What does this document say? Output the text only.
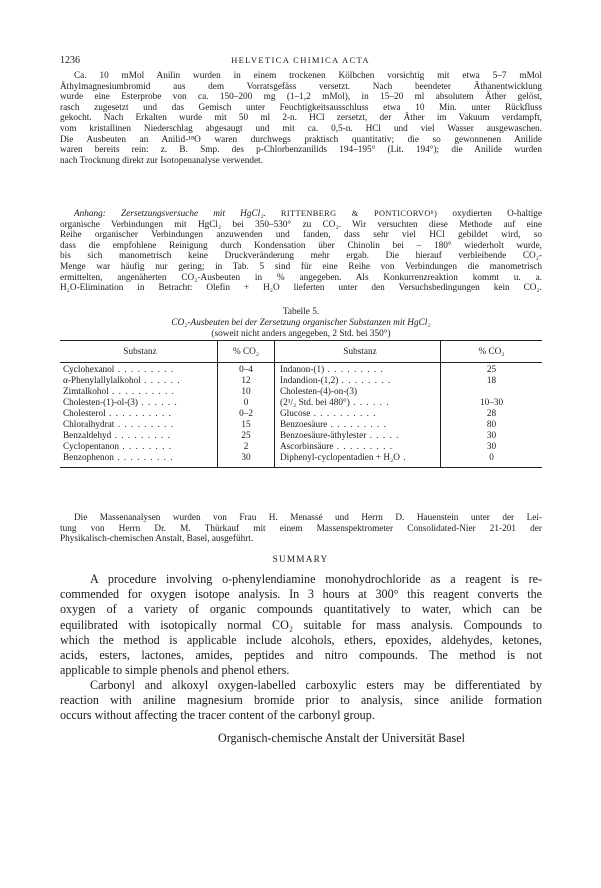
1236	HELVETICA CHIMICA ACTA

Ca. 10 mMol Anilin wurden in einem trockenen Kölbchen vorsichtig mit etwa 5–7 mMol
Äthylmagnesiumbromid aus dem Vorratsgefäss versetzt. Nach beendeter Äthanentwicklung
wurde eine Esterprobe von ca. 150–200 mg (1–1,2 mMol), in 15–20 ml absolutem Äther gelöst,
rasch zugesetzt und das Gemisch unter Feuchtigkeitsausschluss etwa 10 Min. unter Rückfluss
gekocht. Nach Erkalten wurde mit 50 ml 2-n. HCl zersetzt, der Äther im Vakuum verdampft,
vom kristallinen Niederschlag abgesaugt und mit ca. 0,5-n. HCl und viel Wasser ausgewaschen.
Die Ausbeuten an Anilid-¹⁸O waren durchwegs praktisch quantitativ; die so gewonnenen Anilide
waren bereits rein: z. B. Smp. des p-Chlorbenzanilids 194–195° (Lit. 194°); die Anilide wurden
nach Trocknung direkt zur Isotopenanalyse verwendet.

Anhang: Zersetzungsversuche mit HgCl₂. RITTENBERG & PONTICORVO⁸) oxydierten O-haltige
organische Verbindungen mit HgCl₂ bei 350–530° zu CO₂. Wir versuchten diese Methode auf eine
Reihe organischer Verbindungen anzuwenden und fanden, dass sehr viel HCl gebildet wird, so
dass die empfohlene Reinigung durch Kondensation über Chinolin bei – 180° wiederholt wurde,
bis sich manometrisch keine Druckveränderung mehr ergab. Die hierauf verbleibende CO₂-
Menge war häufig nur gering; in Tab. 5 sind für eine Reihe von Verbindungen die manometrisch
ermittelten, angenäherten CO₂-Ausbeuten in % angegeben. Als Konkurrenzreaktion kommt u. a.
H₂O-Elimination in Betracht: Olefin + H₂O lieferten unter den Versuchsbedingungen kein CO₂.

Tabelle 5.
CO₂-Ausbeuten bei der Zersetzung organischer Substanzen mit HgCl₂
(soweit nicht anders angegeben, 2 Std. bei 350°)

Substanz	% CO₂	Substanz	% CO₂
Cyclohexanol . . . . . . . . .	0–4	Indanon-(1) . . . . . . . . .	25
α-Phenylallylalkohol . . . . . .	12	Indandion-(1,2) . . . . . . . .	18
Zimtalkohol . . . . . . . . . .	10	Cholesten-(4)-on-(3)	
Cholesten-(1)-ol-(3) . . . . . .	0	(2¹/₂ Std. bei 480°) . . . . . .	10–30
Cholesterol . . . . . . . . . .	0–2	Glucose . . . . . . . . . .	28
Chloralhydrat . . . . . . . . .	15	Benzoesäure . . . . . . . . .	80
Benzaldehyd . . . . . . . . .	25	Benzoesäure-äthylester . . . . .	30
Cyclopentanon . . . . . . . .	2	Ascorbinsäure . . . . . . . . .	30
Benzophenon . . . . . . . . .	30	Diphenyl-cyclopentadien + H₂O .	0

Die Massenanalysen wurden von Frau H. Menassé und Herrn D. Hauenstein unter der Lei-
tung von Herrn Dr. M. Thürkauf mit einem Massenspektrometer Consolidated-Nier 21-201 der
Physikalisch-chemischen Anstalt, Basel, ausgeführt.

SUMMARY

A procedure involving o-phenylendiamine monohydrochloride as a reagent is re-
commended for oxygen isotope analysis. In 3 hours at 300° this reagent converts the
oxygen of a variety of organic compounds quantitatively to water, which can be
equilibrated with isotopically normal CO₂ suitable for mass analysis. Compounds to
which the method is applicable include alcohols, ethers, epoxides, aldehydes, ketones,
acids, esters, lactones, amides, peptides and nitro compounds. The method is not
applicable to simple phenols and phenol ethers.

Carbonyl and alkoxyl oxygen-labelled carboxylic esters may be differentiated by
reaction with aniline magnesium bromide prior to analysis, since anilide formation
occurs without affecting the tracer content of the carbonyl group.

Organisch-chemische Anstalt der Universität Basel
